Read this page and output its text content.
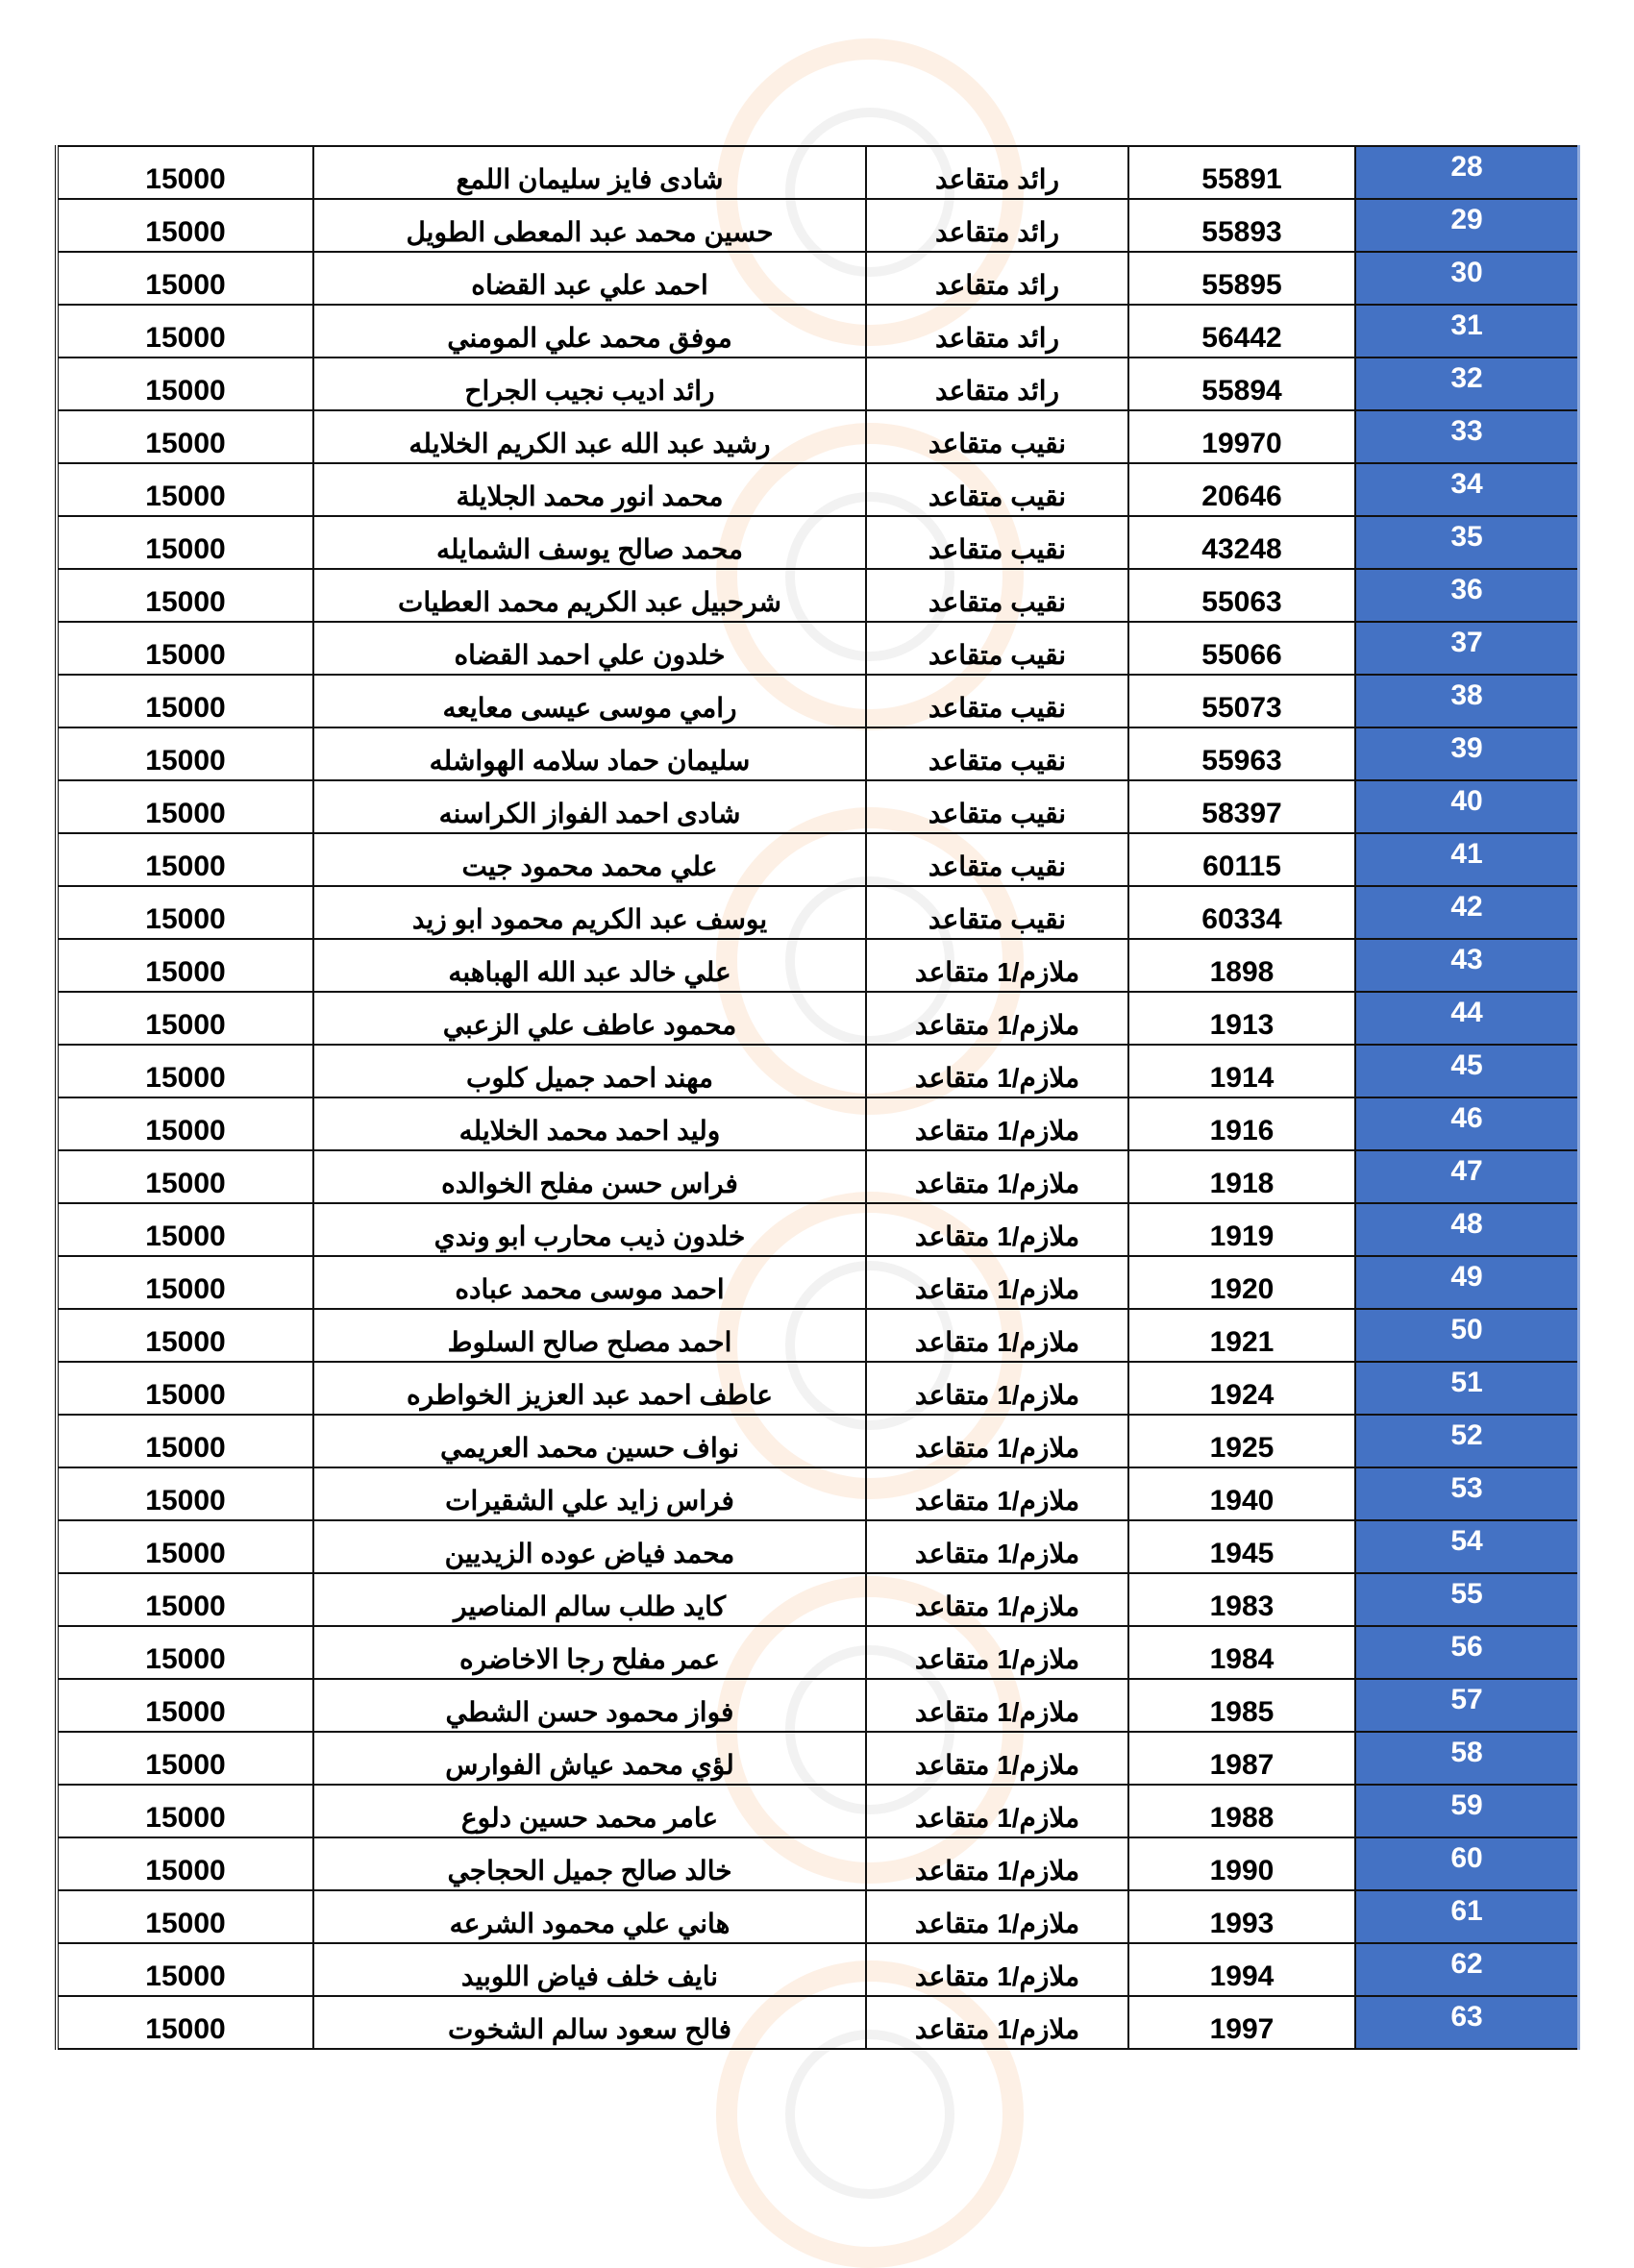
15000	شادى فايز سليمان اللمع	رائد متقاعد	55891	28
15000	حسين محمد عبد المعطى الطويل	رائد متقاعد	55893	29
15000	احمد علي عبد القضاه	رائد متقاعد	55895	30
15000	موفق محمد علي المومني	رائد متقاعد	56442	31
15000	رائد اديب نجيب الجراح	رائد متقاعد	55894	32
15000	رشيد عبد الله عبد الكريم الخلايله	نقيب متقاعد	19970	33
15000	محمد انور محمد الجلايلة	نقيب متقاعد	20646	34
15000	محمد صالح يوسف الشمايله	نقيب متقاعد	43248	35
15000	شرحبيل عبد الكريم محمد العطيات	نقيب متقاعد	55063	36
15000	خلدون علي احمد القضاه	نقيب متقاعد	55066	37
15000	رامي موسى عيسى معايعه	نقيب متقاعد	55073	38
15000	سليمان حماد سلامه الهواشله	نقيب متقاعد	55963	39
15000	شادى احمد الفواز الكراسنه	نقيب متقاعد	58397	40
15000	علي محمد محمود جيت	نقيب متقاعد	60115	41
15000	يوسف عبد الكريم محمود ابو زيد	نقيب متقاعد	60334	42
15000	علي خالد عبد الله الهباهبه	ملازم/1 متقاعد	1898	43
15000	محمود عاطف علي الزعبي	ملازم/1 متقاعد	1913	44
15000	مهند احمد جميل كلوب	ملازم/1 متقاعد	1914	45
15000	وليد احمد محمد الخلايله	ملازم/1 متقاعد	1916	46
15000	فراس حسن مفلح الخوالده	ملازم/1 متقاعد	1918	47
15000	خلدون ذيب محارب ابو وندي	ملازم/1 متقاعد	1919	48
15000	احمد موسى محمد عباده	ملازم/1 متقاعد	1920	49
15000	احمد مصلح صالح السلوط	ملازم/1 متقاعد	1921	50
15000	عاطف احمد عبد العزيز الخواطره	ملازم/1 متقاعد	1924	51
15000	نواف حسين محمد العريمي	ملازم/1 متقاعد	1925	52
15000	فراس زايد علي الشقيرات	ملازم/1 متقاعد	1940	53
15000	محمد فياض عوده الزيديين	ملازم/1 متقاعد	1945	54
15000	كايد طلب سالم المناصير	ملازم/1 متقاعد	1983	55
15000	عمر مفلح رجا الاخاضره	ملازم/1 متقاعد	1984	56
15000	فواز محمود حسن الشطي	ملازم/1 متقاعد	1985	57
15000	لؤي محمد عياش الفوارس	ملازم/1 متقاعد	1987	58
15000	عامر محمد حسين دلوع	ملازم/1 متقاعد	1988	59
15000	خالد صالح جميل الحجاجي	ملازم/1 متقاعد	1990	60
15000	هاني علي محمود الشرعه	ملازم/1 متقاعد	1993	61
15000	نايف خلف فياض اللوبيد	ملازم/1 متقاعد	1994	62
15000	فالح سعود سالم الشخوت	ملازم/1 متقاعد	1997	63
